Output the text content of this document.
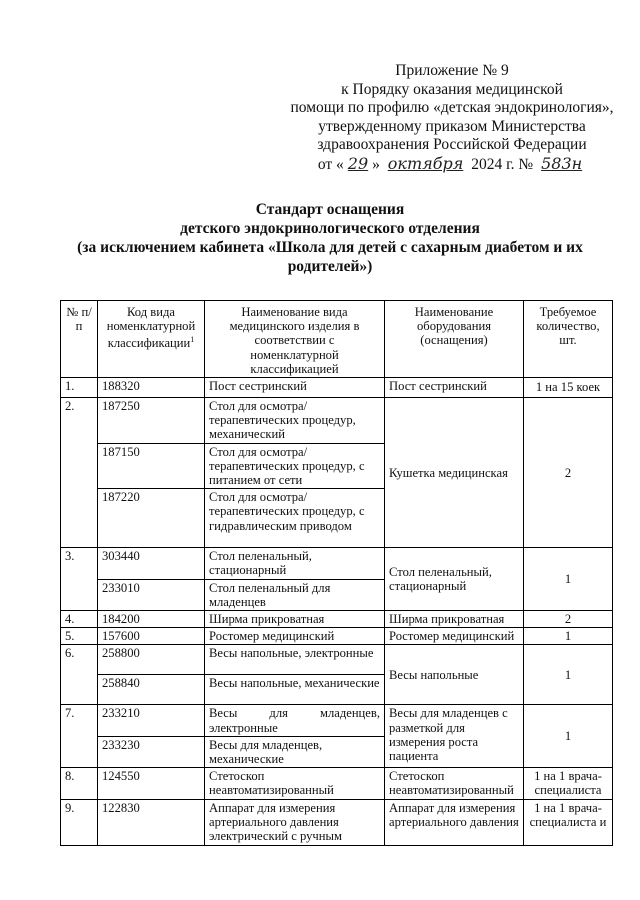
Приложение № 9
к Порядку оказания медицинской
помощи по профилю «детская эндокринология»,
утвержденному приказом Министерства
здравоохранения Российской Федерации
от « 29 » октября 2024 г. № 583н
Стандарт оснащения
детского эндокринологического отделения
(за исключением кабинета «Школа для детей с сахарным диабетом и их родителей»)
№ п/п	Код вида номенклатурной классификации$^1$	Наименование вида медицинского изделия в соответствии с номенклатурной классификацией	Наименование оборудования (оснащения)	Требуемое количество, шт.
1.	188320	Пост сестринский	Пост сестринский	1 на 15 коек
2.	187250	Стол для осмотра/терапевтических процедур, механический	Кушетка медицинская	2
	187150	Стол для осмотра/терапевтических процедур, с питанием от сети		
	187220	Стол для осмотра/терапевтических процедур, с гидравлическим приводом		
3.	303440	Стол пеленальный, стационарный	Стол пеленальный, стационарный	1
	233010	Стол пеленальный для младенцев		
4.	184200	Ширма прикроватная	Ширма прикроватная	2
5.	157600	Ростомер медицинский	Ростомер медицинский	1
6.	258800	Весы напольные, электронные	Весы напольные	1
	258840	Весы напольные, механические		
7.	233210	Весы для младенцев, электронные	Весы для младенцев с разметкой для измерения роста пациента	1
	233230	Весы для младенцев, механические		
8.	124550	Стетоскоп неавтоматизированный	Стетоскоп неавтоматизированный	1 на 1 врача-специалиста
9.	122830	Аппарат для измерения артериального давления электрический с ручным	Аппарат для измерения артериального давления	1 на 1 врача-специалиста и
